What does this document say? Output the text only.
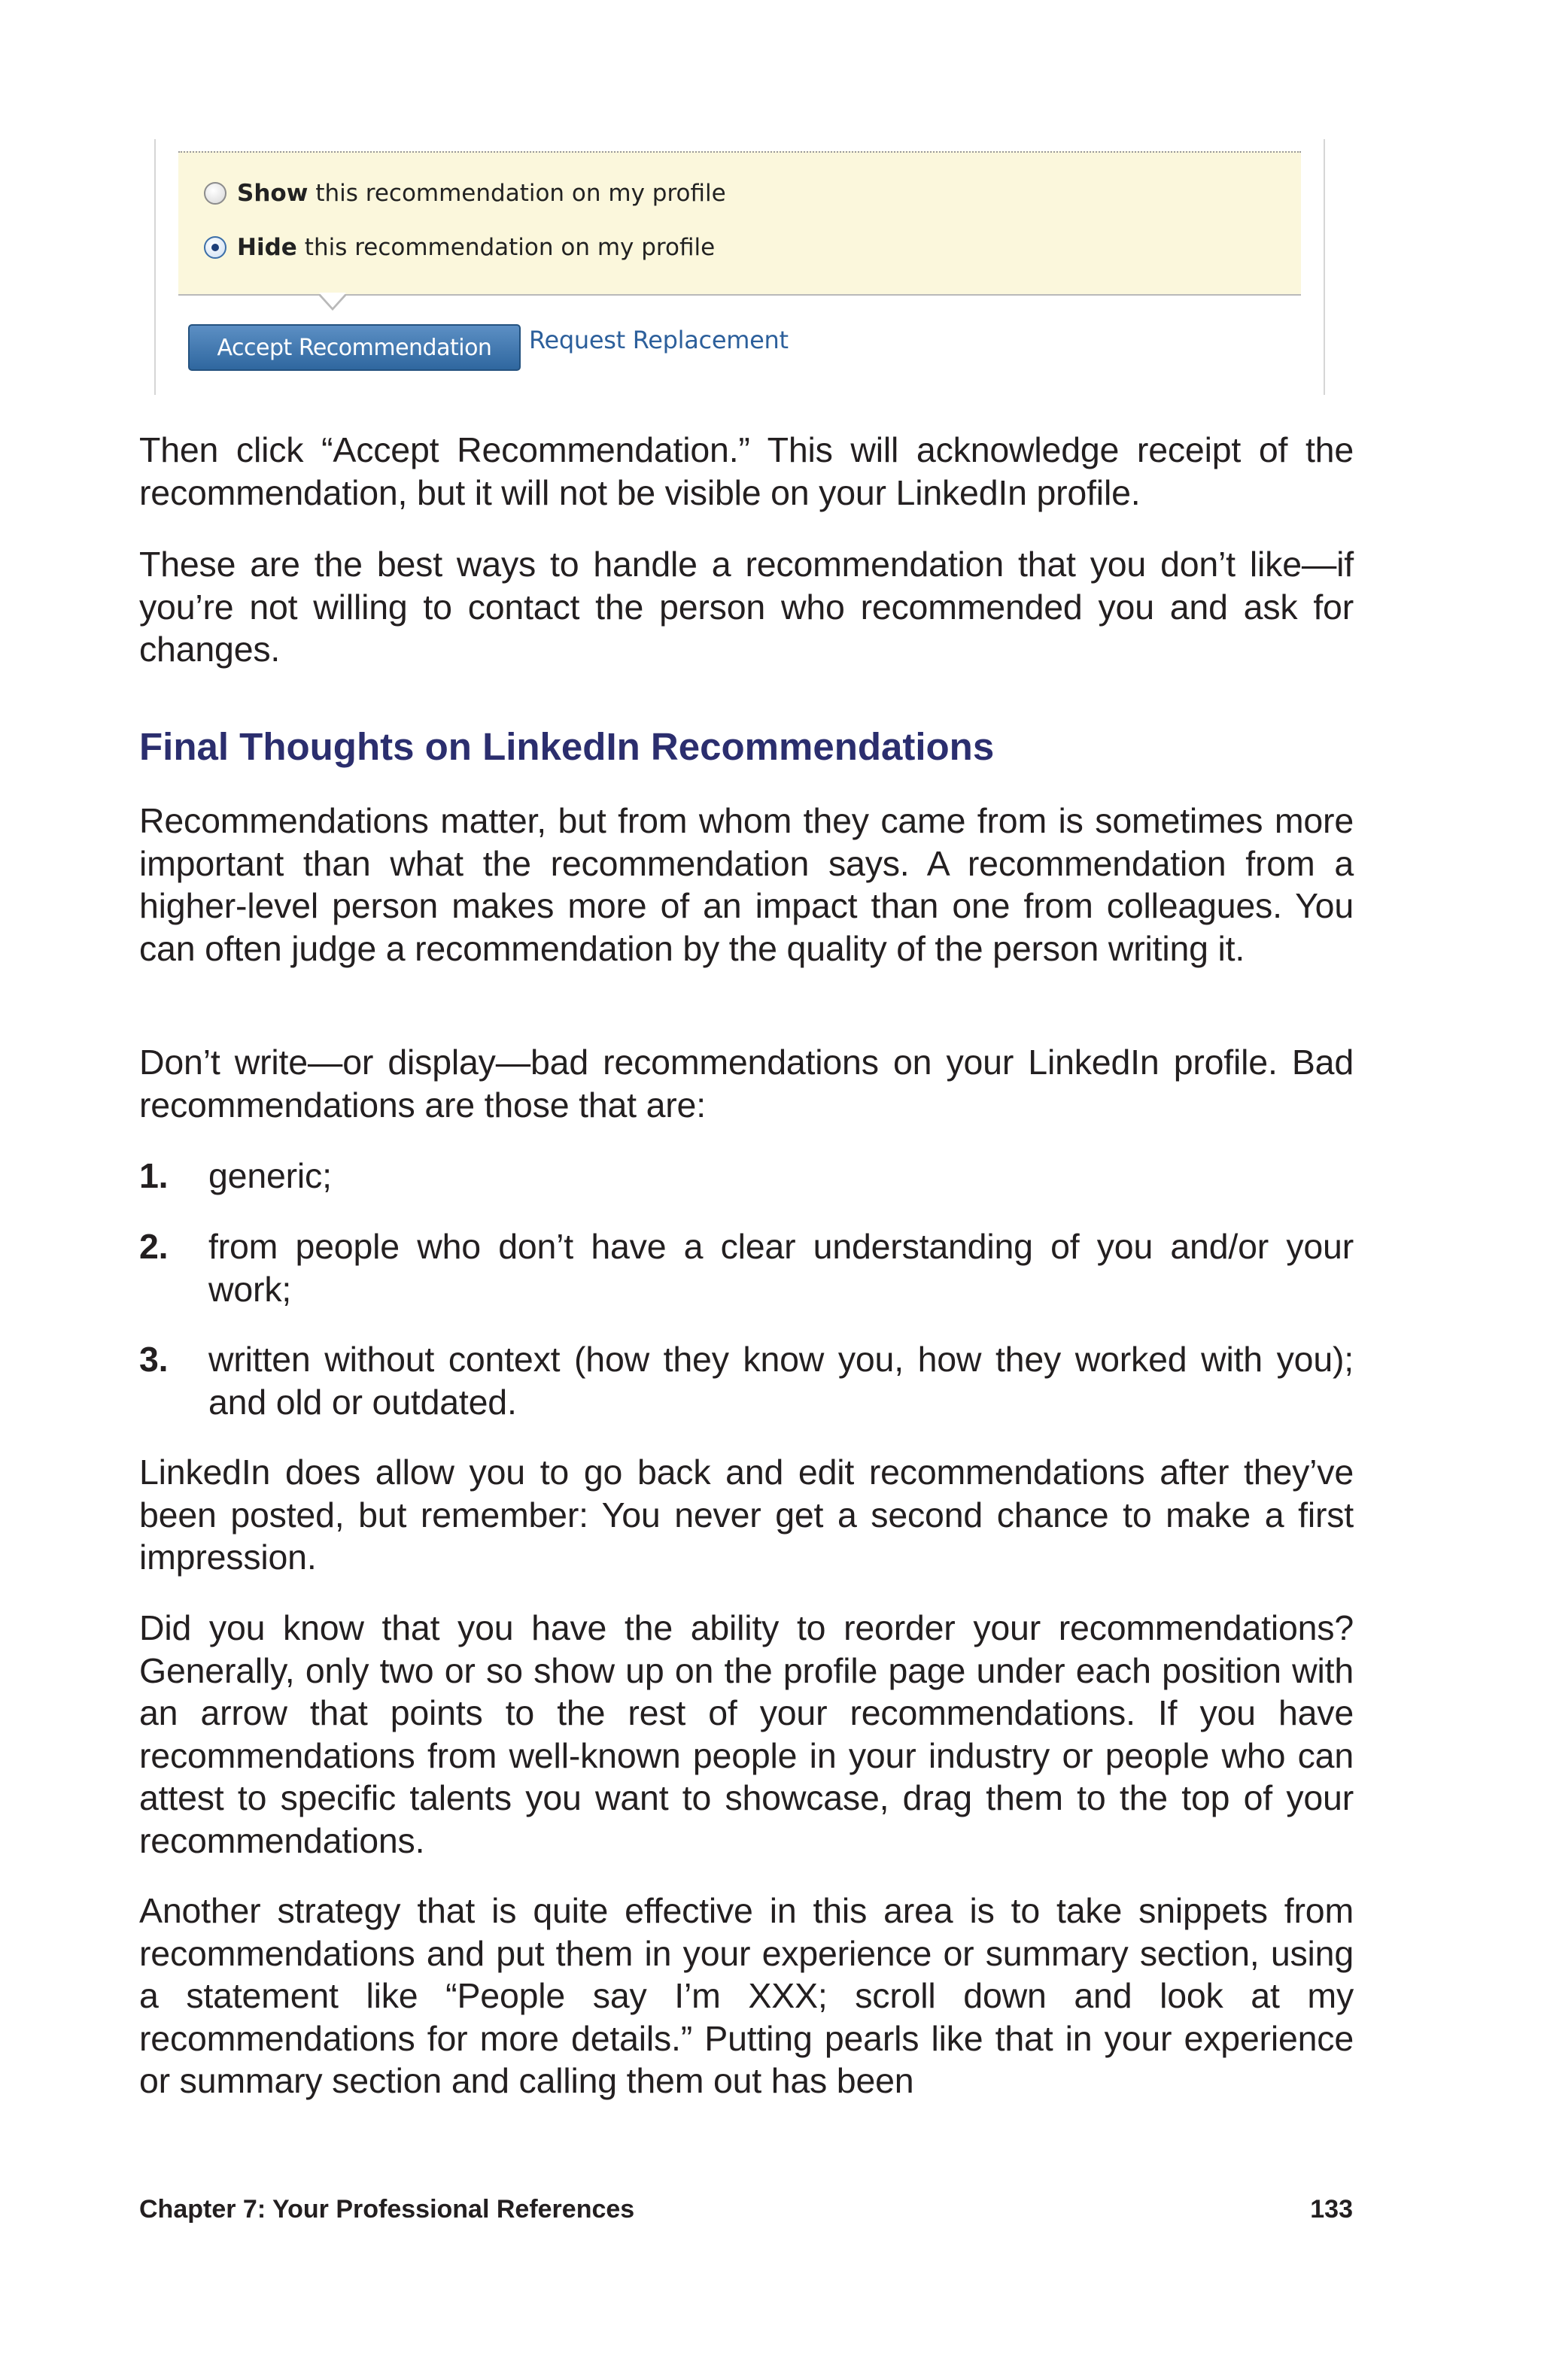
Show this recommendation on my profile
Hide this recommendation on my profile
Accept Recommendation	Request Replacement

Then click “Accept Recommendation.” This will acknowledge receipt of the recommendation, but it will not be visible on your LinkedIn profile.

These are the best ways to handle a recommendation that you don’t like—if you’re not willing to contact the person who recommended you and ask for changes.

Final Thoughts on LinkedIn Recommendations

Recommendations matter, but from whom they came from is sometimes more important than what the recommendation says. A recommendation from a higher-level person makes more of an impact than one from colleagues. You can often judge a recommendation by the quality of the person writing it.

Don’t write—or display—bad recommendations on your LinkedIn profile. Bad recommendations are those that are:

1. generic;
2. from people who don’t have a clear understanding of you and/or your work;
3. written without context (how they know you, how they worked with you); and old or outdated.

LinkedIn does allow you to go back and edit recommendations after they’ve been posted, but remember: You never get a second chance to make a first impression.

Did you know that you have the ability to reorder your recommendations? Generally, only two or so show up on the profile page under each position with an arrow that points to the rest of your recommendations. If you have recommendations from well-known people in your industry or people who can attest to specific talents you want to showcase, drag them to the top of your recommendations.

Another strategy that is quite effective in this area is to take snippets from recommendations and put them in your experience or summary section, using a statement like “People say I’m XXX; scroll down and look at my recommendations for more details.” Putting pearls like that in your experience or summary section and calling them out has been

Chapter 7: Your Professional References	133
